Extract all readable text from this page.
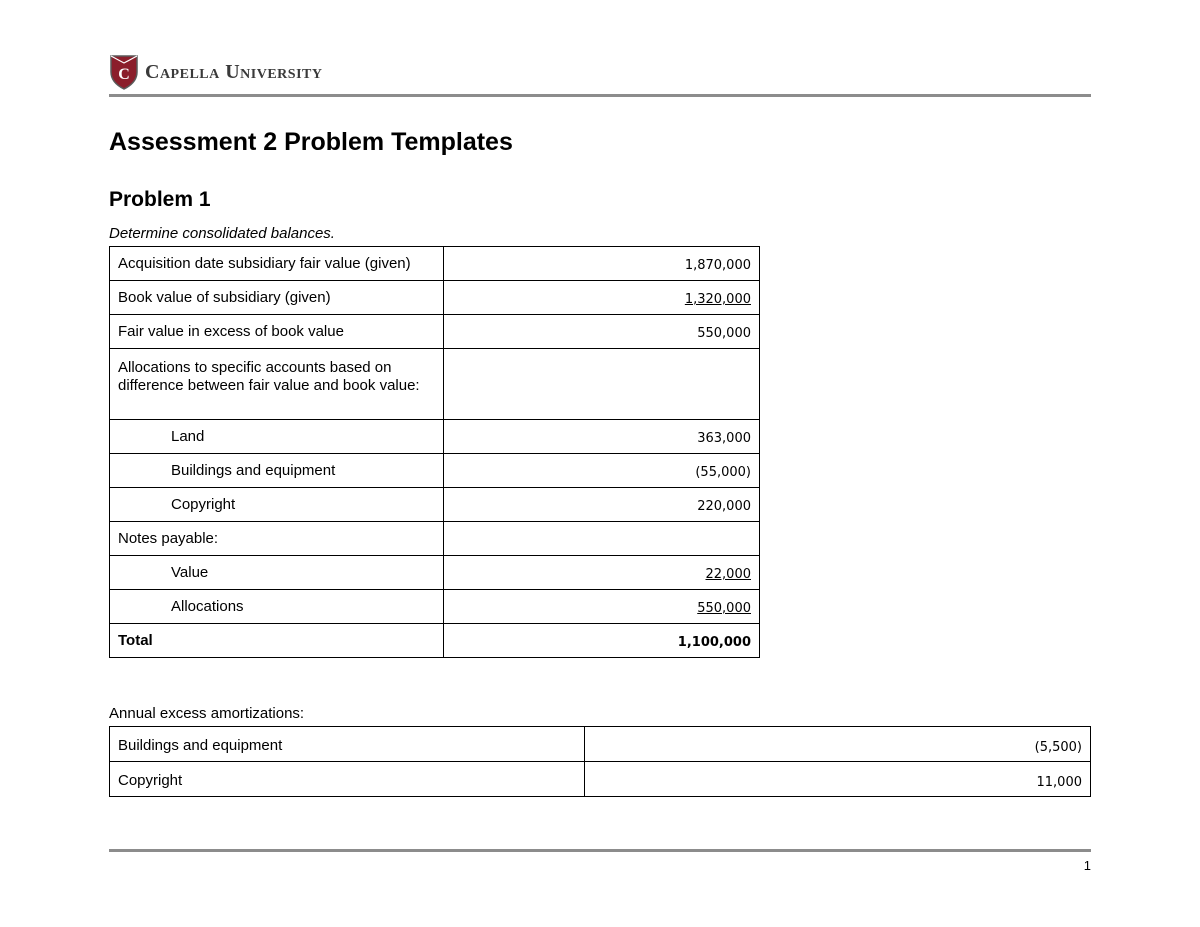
C Capella University
Assessment 2 Problem Templates
Problem 1
Determine consolidated balances.
Acquisition date subsidiary fair value (given)	1,870,000
Book value of subsidiary (given)	1,320,000
Fair value in excess of book value	550,000
Allocations to specific accounts based on difference between fair value and book value:	
Land	363,000
Buildings and equipment	(55,000)
Copyright	220,000
Notes payable:	
Value	22,000
Allocations	550,000
Total	1,100,000
Annual excess amortizations:
Buildings and equipment	(5,500)
Copyright	11,000
1
